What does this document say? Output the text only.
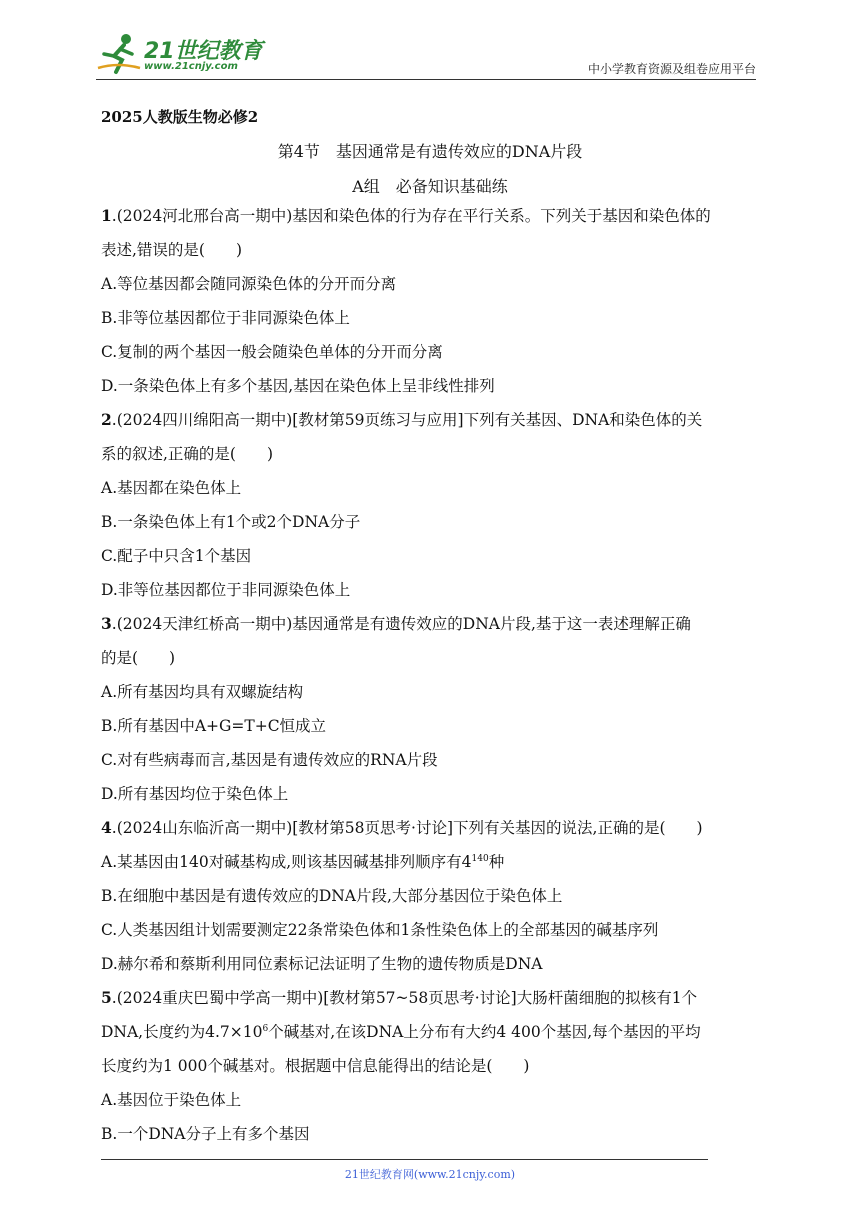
21世纪教育
www.21cnjy.com	中小学教育资源及组卷应用平台
2025人教版生物必修2
第4节　基因通常是有遗传效应的DNA片段
A组　必备知识基础练
1.(2024河北邢台高一期中)基因和染色体的行为存在平行关系。下列关于基因和染色体的
表述,错误的是(　　)
A.等位基因都会随同源染色体的分开而分离
B.非等位基因都位于非同源染色体上
C.复制的两个基因一般会随染色单体的分开而分离
D.一条染色体上有多个基因,基因在染色体上呈非线性排列
2.(2024四川绵阳高一期中)[教材第59页练习与应用]下列有关基因、DNA和染色体的关
系的叙述,正确的是(　　)
A.基因都在染色体上
B.一条染色体上有1个或2个DNA分子
C.配子中只含1个基因
D.非等位基因都位于非同源染色体上
3.(2024天津红桥高一期中)基因通常是有遗传效应的DNA片段,基于这一表述理解正确
的是(　　)
A.所有基因均具有双螺旋结构
B.所有基因中A+G=T+C恒成立
C.对有些病毒而言,基因是有遗传效应的RNA片段
D.所有基因均位于染色体上
4.(2024山东临沂高一期中)[教材第58页思考·讨论]下列有关基因的说法,正确的是(　　)
A.某基因由140对碱基构成,则该基因碱基排列顺序有$4^{140}$种
B.在细胞中基因是有遗传效应的DNA片段,大部分基因位于染色体上
C.人类基因组计划需要测定22条常染色体和1条性染色体上的全部基因的碱基序列
D.赫尔希和蔡斯利用同位素标记法证明了生物的遗传物质是DNA
5.(2024重庆巴蜀中学高一期中)[教材第57~58页思考·讨论]大肠杆菌细胞的拟核有1个
DNA,长度约为$4.7\times 10^6$个碱基对,在该DNA上分布有大约4 400个基因,每个基因的平均
长度约为1 000个碱基对。根据题中信息能得出的结论是(　　)
A.基因位于染色体上
B.一个DNA分子上有多个基因
21世纪教育网(www.21cnjy.com)
